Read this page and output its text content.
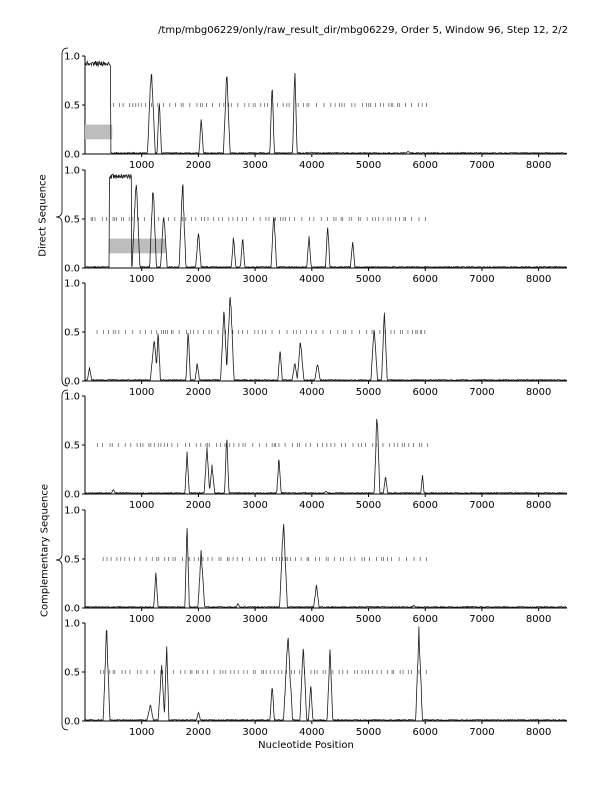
/tmp/mbg06229/only/raw_result_dir/mbg06229, Order 5, Window 96, Step 12, 2/2
0.0
0.5
1.0
1000	2000	3000	4000	5000	6000	7000	8000
0.0
0.5
1.0
1000	2000	3000	4000	5000	6000	7000	8000
0.0
0.5
1.0
1000	2000	3000	4000	5000	6000	7000	8000
0.0
0.5
1.0
1000	2000	3000	4000	5000	6000	7000	8000
0.0
0.5
1.0
1000	2000	3000	4000	5000	6000	7000	8000
0.0
0.5
1.0
1000	2000	3000	4000	5000	6000	7000	8000
Direct Sequence
Complementary Sequence
Nucleotide Position
